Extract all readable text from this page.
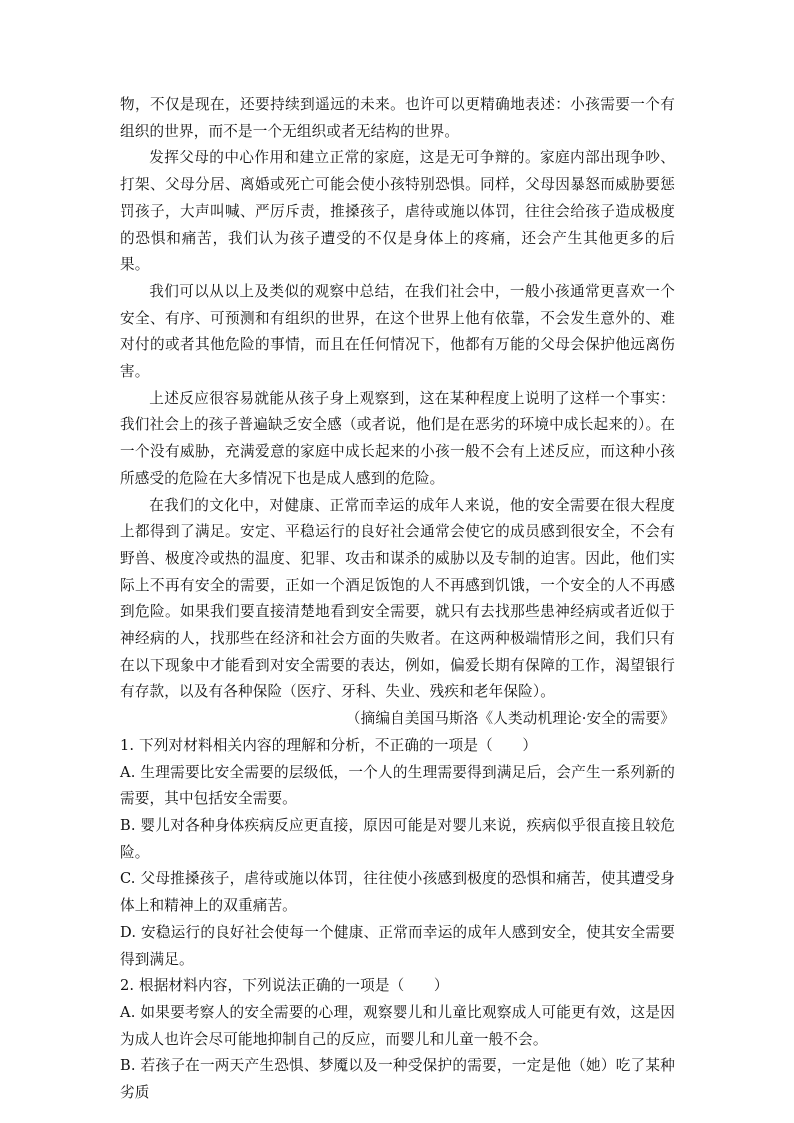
物，不仅是现在，还要持续到遥远的未来。也许可以更精确地表述：小孩需要一个有组织的世界，而不是一个无组织或者无结构的世界。

发挥父母的中心作用和建立正常的家庭，这是无可争辩的。家庭内部出现争吵、打架、父母分居、离婚或死亡可能会使小孩特别恐惧。同样，父母因暴怒而威胁要惩罚孩子，大声叫喊、严厉斥责，推搡孩子，虐待或施以体罚，往往会给孩子造成极度的恐惧和痛苦，我们认为孩子遭受的不仅是身体上的疼痛，还会产生其他更多的后果。

我们可以从以上及类似的观察中总结，在我们社会中，一般小孩通常更喜欢一个安全、有序、可预测和有组织的世界，在这个世界上他有依靠，不会发生意外的、难对付的或者其他危险的事情，而且在任何情况下，他都有万能的父母会保护他远离伤害。

上述反应很容易就能从孩子身上观察到，这在某种程度上说明了这样一个事实：我们社会上的孩子普遍缺乏安全感（或者说，他们是在恶劣的环境中成长起来的）。在一个没有威胁，充满爱意的家庭中成长起来的小孩一般不会有上述反应，而这种小孩所感受的危险在大多情况下也是成人感到的危险。

在我们的文化中，对健康、正常而幸运的成年人来说，他的安全需要在很大程度上都得到了满足。安定、平稳运行的良好社会通常会使它的成员感到很安全，不会有野兽、极度冷或热的温度、犯罪、攻击和谋杀的威胁以及专制的迫害。因此，他们实际上不再有安全的需要，正如一个酒足饭饱的人不再感到饥饿，一个安全的人不再感到危险。如果我们要直接清楚地看到安全需要，就只有去找那些患神经病或者近似于神经病的人，找那些在经济和社会方面的失败者。在这两种极端情形之间，我们只有在以下现象中才能看到对安全需要的表达，例如，偏爱长期有保障的工作，渴望银行有存款，以及有各种保险（医疗、牙科、失业、残疾和老年保险）。

（摘编自美国马斯洛《人类动机理论·安全的需要》

1. 下列对材料相关内容的理解和分析，不正确的一项是（　　）

A. 生理需要比安全需要的层级低，一个人的生理需要得到满足后，会产生一系列新的需要，其中包括安全需要。

B. 婴儿对各种身体疾病反应更直接，原因可能是对婴儿来说，疾病似乎很直接且较危险。

C. 父母推搡孩子，虐待或施以体罚，往往使小孩感到极度的恐惧和痛苦，使其遭受身体上和精神上的双重痛苦。

D. 安稳运行的良好社会使每一个健康、正常而幸运的成年人感到安全，使其安全需要得到满足。

2. 根据材料内容，下列说法正确的一项是（　　）

A. 如果要考察人的安全需要的心理，观察婴儿和儿童比观察成人可能更有效，这是因为成人也许会尽可能地抑制自己的反应，而婴儿和儿童一般不会。

B. 若孩子在一两天产生恐惧、梦魇以及一种受保护的需要，一定是他（她）吃了某种劣质
